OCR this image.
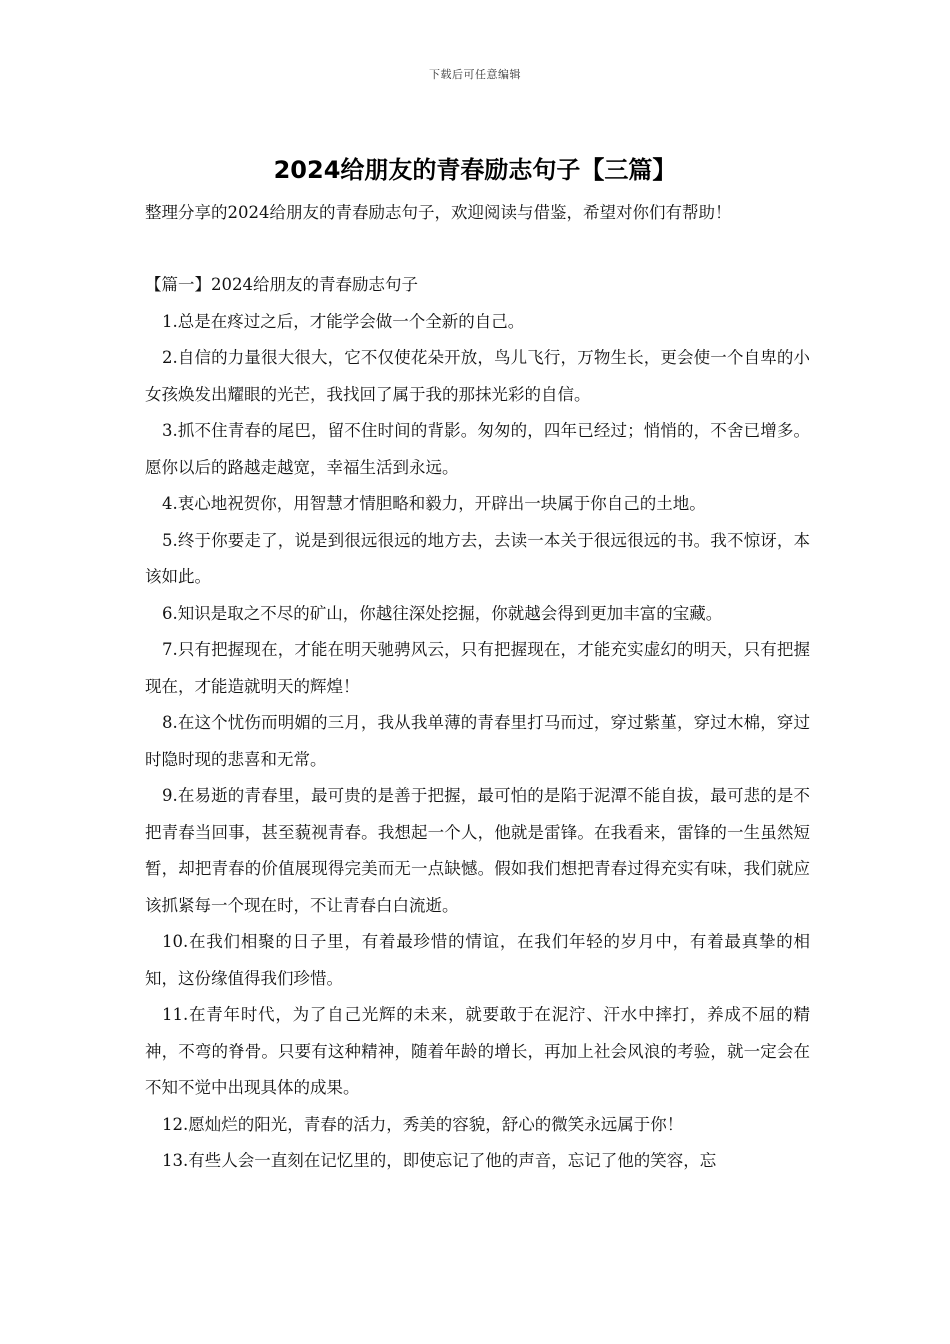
下载后可任意编辑
2024给朋友的青春励志句子【三篇】
整理分享的2024给朋友的青春励志句子，欢迎阅读与借鉴，希望对你们有帮助！

【篇一】2024给朋友的青春励志句子

1.总是在疼过之后，才能学会做一个全新的自己。

2.自信的力量很大很大，它不仅使花朵开放，鸟儿飞行，万物生长，更会使一个自卑的小女孩焕发出耀眼的光芒，我找回了属于我的那抹光彩的自信。

3.抓不住青春的尾巴，留不住时间的背影。匆匆的，四年已经过；悄悄的，不舍已增多。愿你以后的路越走越宽，幸福生活到永远。

4.衷心地祝贺你，用智慧才情胆略和毅力，开辟出一块属于你自己的土地。

5.终于你要走了，说是到很远很远的地方去，去读一本关于很远很远的书。我不惊讶，本该如此。

6.知识是取之不尽的矿山，你越往深处挖掘，你就越会得到更加丰富的宝藏。

7.只有把握现在，才能在明天驰骋风云，只有把握现在，才能充实虚幻的明天，只有把握现在，才能造就明天的辉煌！

8.在这个忧伤而明媚的三月，我从我单薄的青春里打马而过，穿过紫堇，穿过木棉，穿过时隐时现的悲喜和无常。

9.在易逝的青春里，最可贵的是善于把握，最可怕的是陷于泥潭不能自拔，最可悲的是不把青春当回事，甚至藐视青春。我想起一个人，他就是雷锋。在我看来，雷锋的一生虽然短暂，却把青春的价值展现得完美而无一点缺憾。假如我们想把青春过得充实有味，我们就应该抓紧每一个现在时，不让青春白白流逝。

10.在我们相聚的日子里，有着最珍惜的情谊，在我们年轻的岁月中，有着最真挚的相知，这份缘值得我们珍惜。

11.在青年时代，为了自己光辉的未来，就要敢于在泥泞、汗水中摔打，养成不屈的精神，不弯的脊骨。只要有这种精神，随着年龄的增长，再加上社会风浪的考验，就一定会在不知不觉中出现具体的成果。

12.愿灿烂的阳光，青春的活力，秀美的容貌，舒心的微笑永远属于你！

13.有些人会一直刻在记忆里的，即使忘记了他的声音，忘记了他的笑容，忘
